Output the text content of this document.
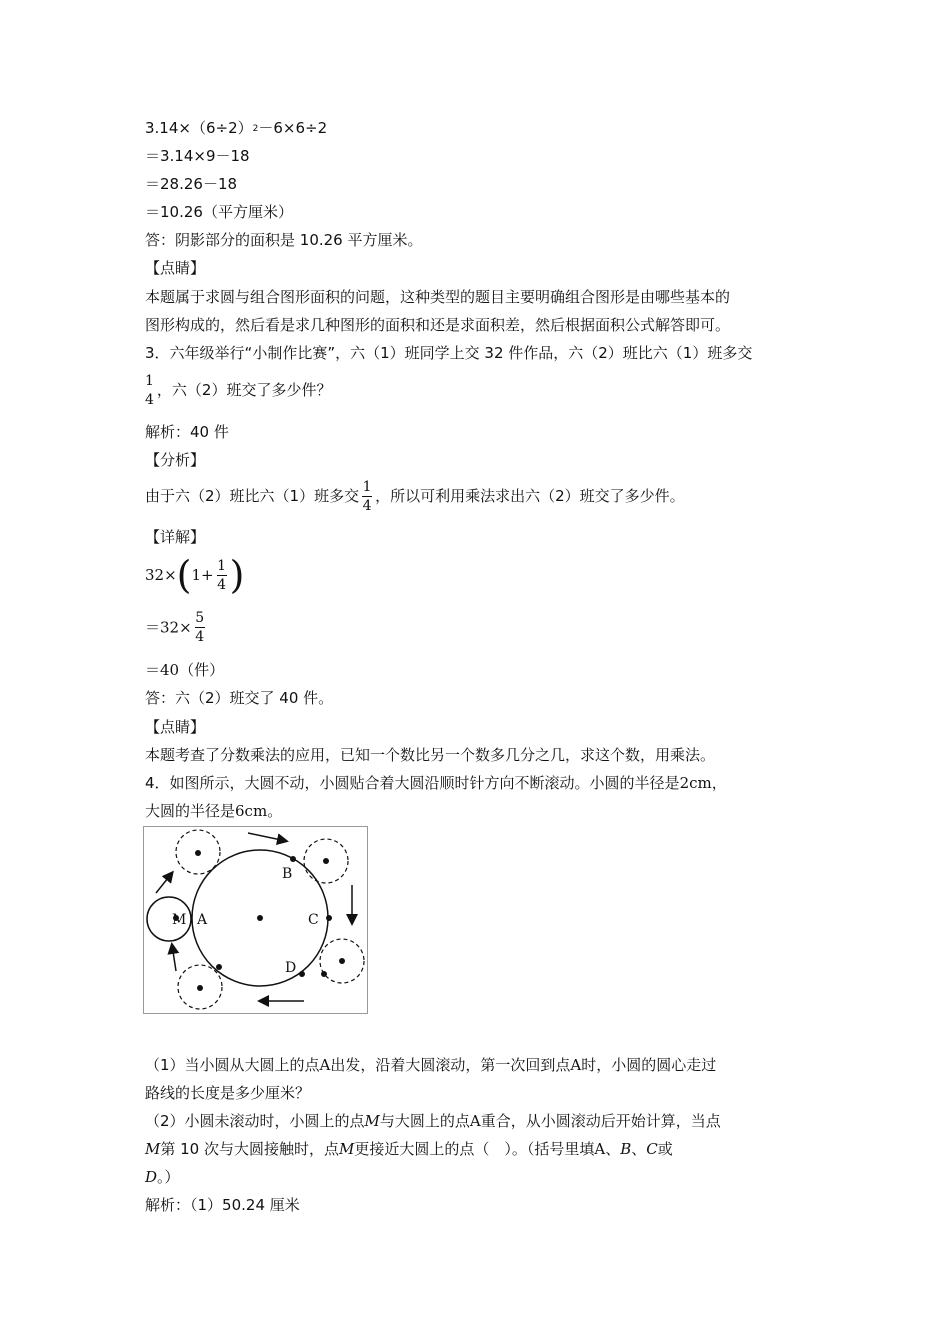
$3.14\times(6\div 2)^2-6\times 6\div 2$
＝3.14×9－18
＝28.26－18
＝10.26（平方厘米）
答：阴影部分的面积是 10.26 平方厘米。
【点睛】
本题属于求圆与组合图形面积的问题，这种类型的题目主要明确组合图形是由哪些基本的
图形构成的，然后看是求几种图形的面积和还是求面积差，然后根据面积公式解答即可。
3．六年级举行“小制作比赛”，六（1）班同学上交 32 件作品，六（2）班比六（1）班多交
1
4
，六（2）班交了多少件？
解析：40 件
【分析】
由于六（2）班比六（1）班多交 $\frac{1}{4}$ ，所以可利用乘法求出六（2）班交了多少件。
【详解】
$32\times(1+ \frac{1}{4}$ )
$=32\times \frac{5}{4}$
＝40（件）
答：六（2）班交了 40 件。
【点睛】
本题考查了分数乘法的应用，已知一个数比另一个数多几分之几，求这个数，用乘法。
4．如图所示，大圆不动，小圆贴合着大圆沿顺时针方向不断滚动。小圆的半径是2cm，
大圆的半径是6cm。
M A
B
C
D
（1）当小圆从大圆上的点A出发，沿着大圆滚动，第一次回到点A时，小圆的圆心走过
路线的长度是多少厘米？
（2）小圆未滚动时，小圆上的点M与大圆上的点A重合，从小圆滚动后开始计算，当点
M第 10 次与大圆接触时，点M更接近大圆上的点（　）。（括号里填A、B、C或
D。）
解析：（1）50.24 厘米
